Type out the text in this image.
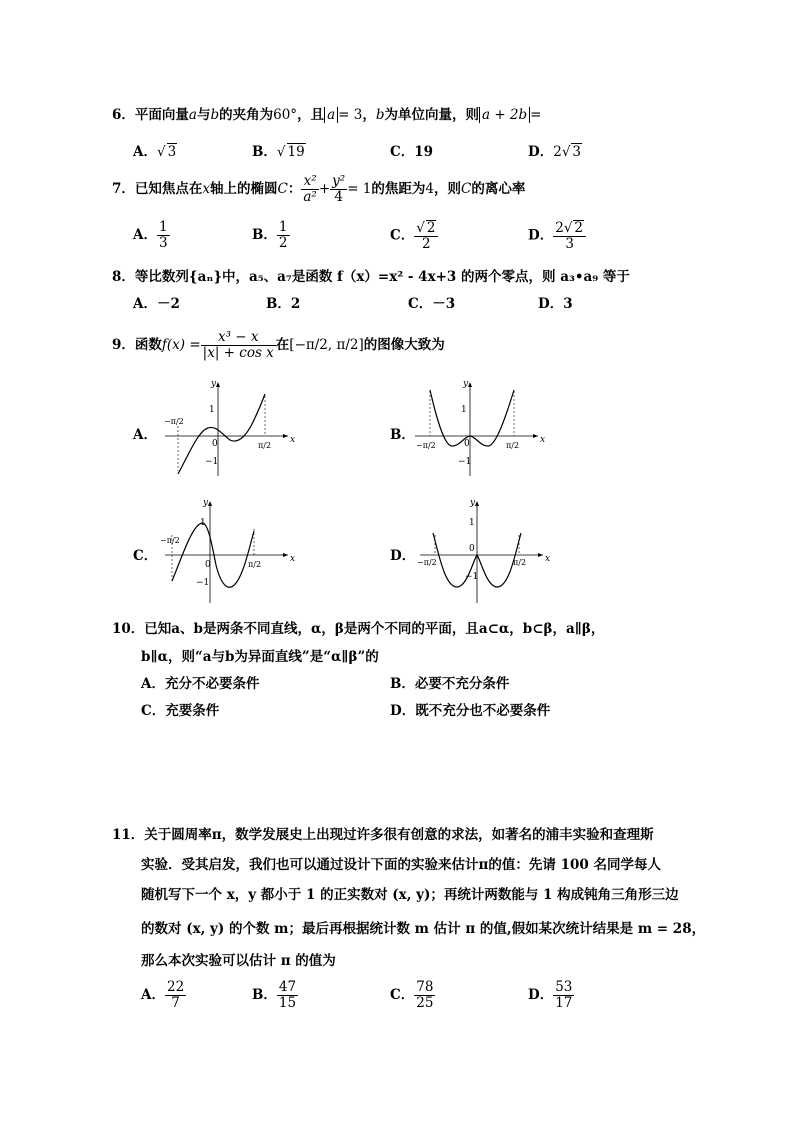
6．平面向量a与b的夹角为60°，且 a = 3，b为单位向量，则 a + 2b =
A．√ 3	B．√ 19	C．19	D．2√ 3
7．已知焦点在x轴上的椭圆C： $\frac{\text{x²}}{\text{a²}} + \frac{\text{y²}}{4} = 1$的焦距为4，则C的离心率
A． $\frac{1}{3}$	B． $\frac{1}{2}$	C． $\frac{√ 2}{2}$	D． $\frac{2√ 2}{3}$
8．等比数列{aₙ}中，a₅、a₇是函数 f（x）=x² - 4x+3 的两个零点，则 a₃•a₉ 等于
A．－2	B．2	C．－3	D．3
9．函数$f(x) = \frac{\text{x³ − x}}{\text{|x| + cos x}}$ 在[−π/2, π/2]的图像大致为
A．	B．
C．	D．
y
x
1
−1
0
−π/2
π/2
y
x
1
−1
0
−π/2	π/2
y
x
1
−1
0
−π/2
π/2
y
x
1
−1
0
−π/2	π/2
10．已知a、b是两条不同直线，α，β是两个不同的平面，且a⊂α，b⊂β，a∥β，
b∥α，则“a与b为异面直线”是“α∥β”的
A．充分不必要条件	B．必要不充分条件
C．充要条件	D．既不充分也不必要条件
11．关于圆周率π，数学发展史上出现过许多很有创意的求法，如著名的浦丰实验和查理斯
实验．受其启发，我们也可以通过设计下面的实验来估计π的值：先请 100 名同学每人
随机写下一个 x，y 都小于 1 的正实数对 (x, y)；再统计两数能与 1 构成钝角三角形三边
的数对 (x, y) 的个数 m；最后再根据统计数 m 估计 π 的值,假如某次统计结果是 m = 28，
那么本次实验可以估计 π 的值为
A． $\frac{22}{7}$	B． $\frac{47}{15}$	C． $\frac{78}{25}$	D． $\frac{53}{17}$
